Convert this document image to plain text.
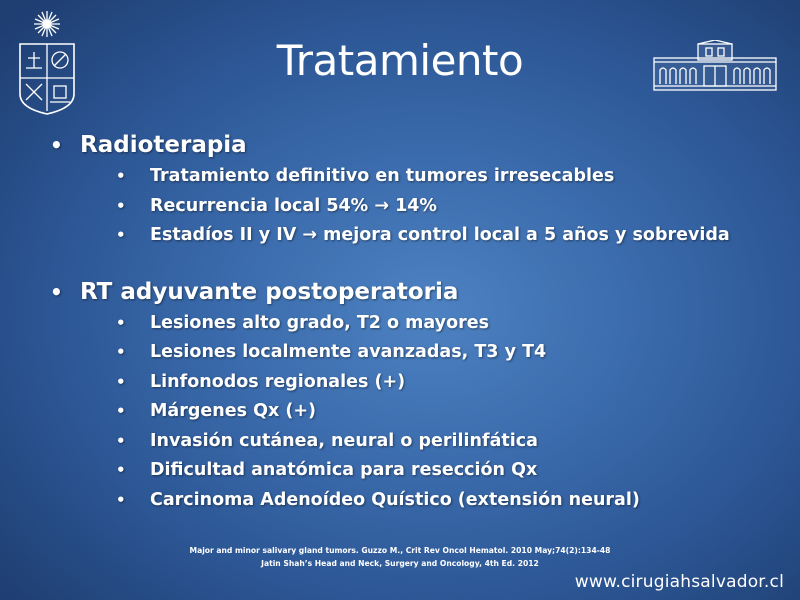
Tratamiento
• Radioterapia
• Tratamiento definitivo en tumores irresecables
• Recurrencia local 54% → 14%
• Estadíos II y IV → mejora control local a 5 años y sobrevida
• RT adyuvante postoperatoria
• Lesiones alto grado, T2 o mayores
• Lesiones localmente avanzadas, T3 y T4
• Linfonodos regionales (+)
• Márgenes Qx (+)
• Invasión cutánea, neural o perilinfática
• Dificultad anatómica para resección Qx
• Carcinoma Adenoídeo Quístico (extensión neural)
Major and minor salivary gland tumors. Guzzo M., Crit Rev Oncol Hematol. 2010 May;74(2):134-48
Jatin Shah’s Head and Neck, Surgery and Oncology, 4th Ed. 2012
www.cirugiahsalvador.cl
